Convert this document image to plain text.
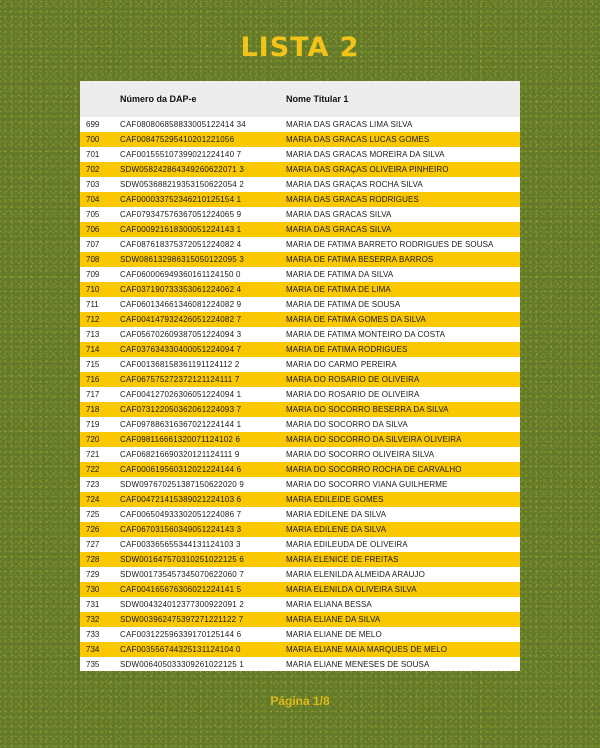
LISTA 2
	Número da DAP-e	Nome Titular 1
699	CAF080806858833005122414 34	MARIA DAS GRACAS LIMA SILVA
700	CAF008475295410201221056	MARIA DAS GRACAS LUCAS GOMES
701	CAF001555107399021224140 7	MARIA DAS GRACAS MOREIRA DA SILVA
702	SDW058242864349260622071 3	MARIA DAS GRAÇAS OLIVEIRA PINHEIRO
703	SDW053688219353150622054 2	MARIA DAS GRAÇAS ROCHA SILVA
704	CAF000033752346210125154 1	MARIA DAS GRACAS RODRIGUES
705	CAF079347576367051224065 9	MARIA DAS GRACAS SILVA
706	CAF000921618300051224143 1	MARIA DAS GRACAS SILVA
707	CAF087618375372051224082 4	MARIA DE FATIMA BARRETO RODRIGUES DE SOUSA
708	SDW086132986315050122095 3	MARIA DE FATIMA BESERRA BARROS
709	CAF060006949360161124150 0	MARIA DE FATIMA DA SILVA
710	CAF037190733353061224062 4	MARIA DE FATIMA DE LIMA
711	CAF060134661346081224082 9	MARIA DE FATIMA DE SOUSA
712	CAF004147932426051224082 7	MARIA DE FATIMA GOMES DA SILVA
713	CAF056702609387051224094 3	MARIA DE FATIMA MONTEIRO DA COSTA
714	CAF037634330400051224094 7	MARIA DE FATIMA RODRIGUES
715	CAF001368158361191124112 2	MARIA DO CARMO PEREIRA
716	CAF067575272372121124111 7	MARIA DO ROSARIO DE OLIVEIRA
717	CAF004127026306051224094 1	MARIA DO ROSARIO DE OLIVEIRA
718	CAF073122050362061224093 7	MARIA DO SOCORRO BESERRA DA SILVA
719	CAF097886316367021224144 1	MARIA DO SOCORRO DA SILVA
720	CAF098116661320071124102 6	MARIA DO SOCORRO DA SILVEIRA OLIVEIRA
721	CAF068216690320121124111 9	MARIA DO SOCORRO OLIVEIRA SILVA
722	CAF000619560312021224144 6	MARIA DO SOCORRO ROCHA DE CARVALHO
723	SDW097670251387150622020 9	MARIA DO SOCORRO VIANA GUILHERME
724	CAF004721415389021224103 6	MARIA EDILEIDE GOMES
725	CAF006504933302051224086 7	MARIA EDILENE DA SILVA
726	CAF067031560349051224143 3	MARIA EDILENE DA SILVA
727	CAF003365655344131124103 3	MARIA EDILEUDA DE OLIVEIRA
728	SDW001647570310251022125 6	MARIA ELENICE DE FREITAS
729	SDW001735457345070622060 7	MARIA ELENILDA ALMEIDA ARAUJO
730	CAF004165676306021224141 5	MARIA ELENILDA OLIVEIRA SILVA
731	SDW004324012377300922091 2	MARIA ELIANA BESSA
732	SDW003962475397271221122 7	MARIA ELIANE DA SILVA
733	CAF003122596339170125144 6	MARIA ELIANE DE MELO
734	CAF003556744325131124104 0	MARIA ELIANE MAIA MARQUES DE MELO
735	SDW006405033309261022125 1	MARIA ELIANE MENESES DE SOUSA

Página 1/8
